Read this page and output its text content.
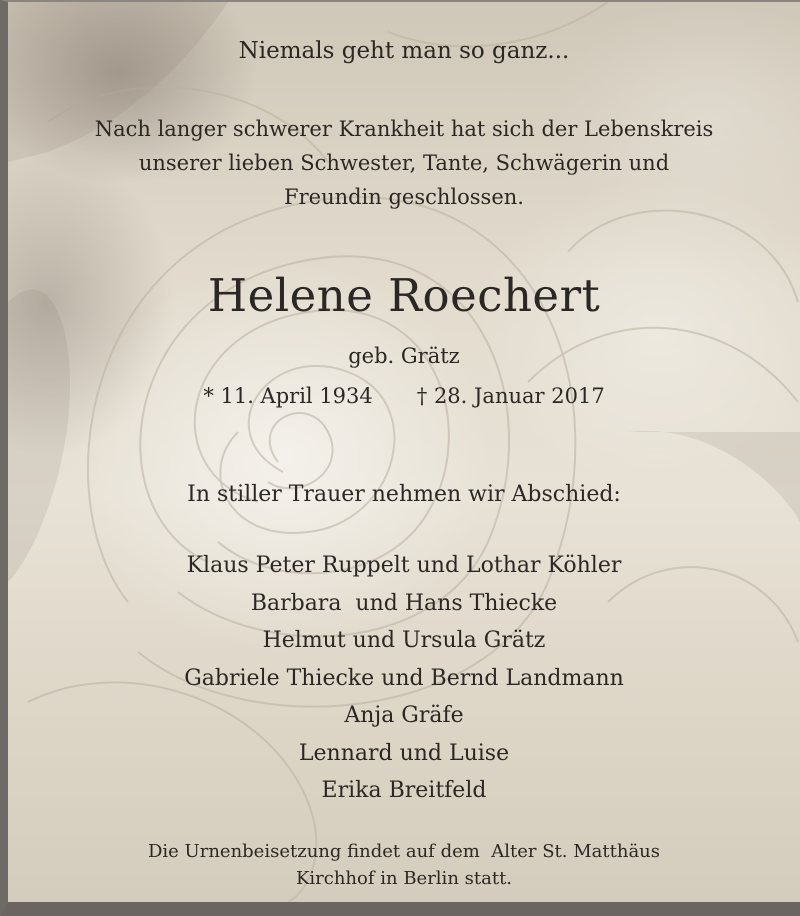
Niemals geht man so ganz...
Nach langer schwerer Krankheit hat sich der Lebenskreis
unserer lieben Schwester, Tante, Schwägerin und
Freundin geschlossen.
Helene Roechert
geb. Grätz
* 11. April 1934 † 28. Januar 2017
In stiller Trauer nehmen wir Abschied:
Klaus Peter Ruppelt und Lothar Köhler
Barbara  und Hans Thiecke
Helmut und Ursula Grätz
Gabriele Thiecke und Bernd Landmann
Anja Gräfe
Lennard und Luise
Erika Breitfeld
Die Urnenbeisetzung findet auf dem  Alter St. Matthäus
Kirchhof in Berlin statt.
